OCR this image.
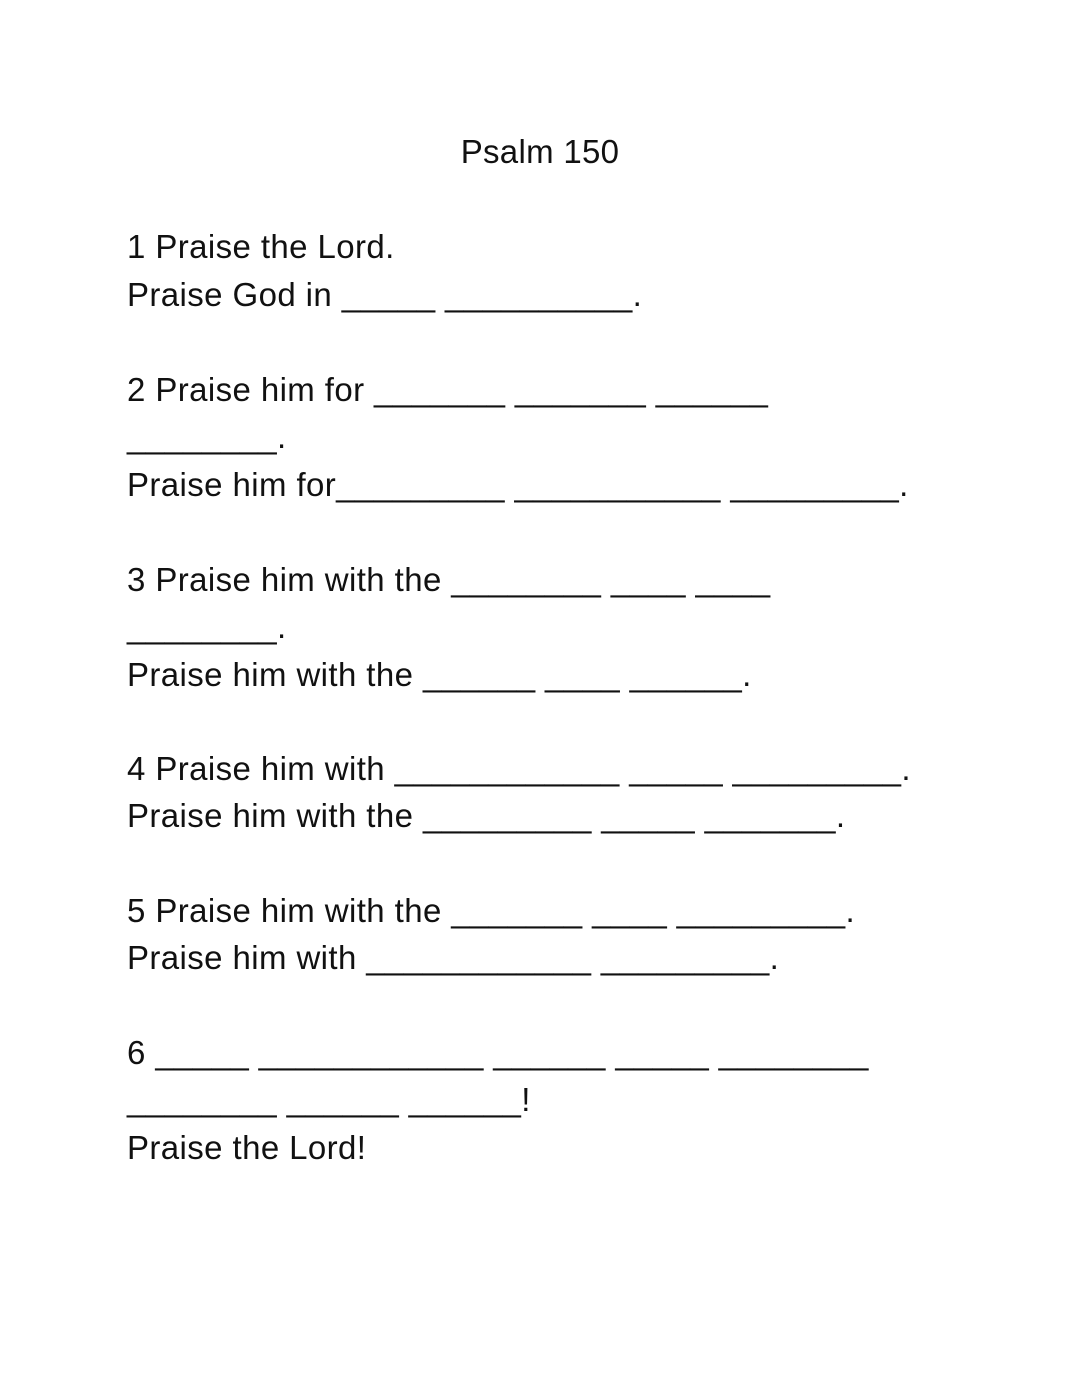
Psalm 150
1 Praise the Lord.
Praise God in _____ __________.
2 Praise him for _______ _______ ______
________.
Praise him for_________ ___________ _________.
3 Praise him with the ________ ____ ____
________.
Praise him with the ______ ____ ______.
4 Praise him with ____________ _____ _________.
Praise him with the _________ _____ _______.
5 Praise him with the _______ ____ _________.
Praise him with ____________ _________.
6 _____ ____________ ______ _____ ________
________ ______ ______!
Praise the Lord!
